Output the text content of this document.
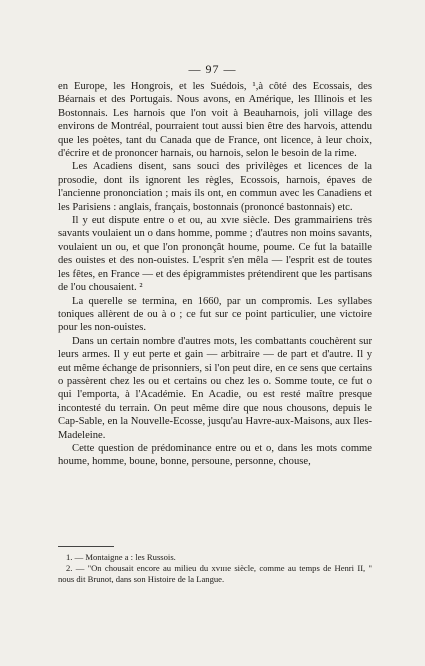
— 97 —

en Europe, les Hongrois, et les Suédois, ¹,à côté des Ecossais, des Béarnais et des Portugais. Nous avons, en Amérique, les Illinois et les Bostonnais. Les harnois que l'on voit à Beauharnois, joli village des environs de Montréal, pourraient tout aussi bien être des harvois, attendu que les poètes, tant du Canada que de France, ont licence, à leur choix, d'écrire et de prononcer harnais, ou harnois, selon le besoin de la rime.

Les Acadiens disent, sans souci des privilèges et licences de la prosodie, dont ils ignorent les règles, Ecossois, harnois, épaves de l'ancienne prononciation ; mais ils ont, en commun avec les Canadiens et les Parisiens : anglais, français, bostonnais (prononcé bastonnais) etc.

Il y eut dispute entre o et ou, au xvɪe siècle. Des grammairiens très savants voulaient un o dans homme, pomme ; d'autres non moins savants, voulaient un ou, et que l'on prononçât houme, poume. Ce fut la bataille des ouistes et des non-ouistes. L'esprit s'en mêla — l'esprit est de toutes les fêtes, en France — et des épigrammistes prétendirent que les partisans de l'ou chousaient. ²

La querelle se termina, en 1660, par un compromis. Les syllabes toniques allèrent de ou à o ; ce fut sur ce point particulier, une victoire pour les non-ouistes.

Dans un certain nombre d'autres mots, les combattants couchèrent sur leurs armes. Il y eut perte et gain — arbitraire — de part et d'autre. Il y eut même échange de prisonniers, si l'on peut dire, en ce sens que certains o passèrent chez les ou et certains ou chez les o. Somme toute, ce fut o qui l'emporta, à l'Académie. En Acadie, ou est resté maître presque incontesté du terrain. On peut même dire que nous chousons, depuis le Cap-Sable, en la Nouvelle-Ecosse, jusqu'au Havre-aux-Maisons, aux Iles-Madeleine.

Cette question de prédominance entre ou et o, dans les mots comme houme, homme, boune, bonne, persoune, personne, chouse,

1. — Montaigne a : les Russois.

2. — "On chousait encore au milieu du xvɪɪɪe siècle, comme au temps de Henri II, " nous dit Brunot, dans son Histoire de la Langue.
